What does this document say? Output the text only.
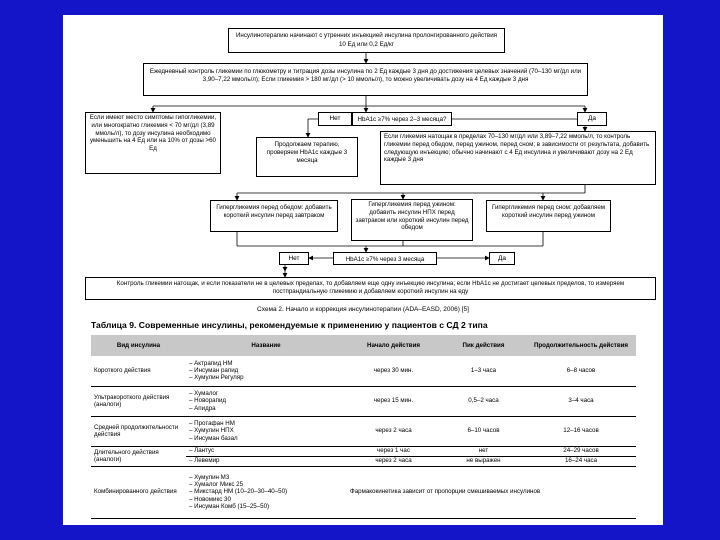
Инсулинотерапию начинают с утренних инъекцией инсулина пролонгированного действия 10 Ед или 0,2 Ед/кг
Ежедневный контроль гликемии по глюкометру и титрация дозы инсулина по 2 Ед каждые 3 дня до достижения целевых значений (70–130 мг/дл или 3,90–7,22 ммоль/л); Если гликемия > 180 мг/дл (> 10 ммоль/л), то можно увеличивать дозу на 4 Ед каждые 3 дня
Если имеют место симптомы гипогликемии, или многократно гликемия < 70 мг/дл (3,89 ммоль/л), то дозу инсулина необходимо уменьшить на 4 Ед или на 10% от дозы >60 Ед
Нет	HbA1c ≥7% через 2–3 месяца?	Да
Продолжаем терапию, проверяем HbA1c каждые 3 месяца
Если гликемия натощак в пределах 70–130 мг/дл или 3,89–7,22 ммоль/л, то контроль гликемии перед обедом, перед ужином, перед сном; в зависимости от результата, добавить следующую инъекцию; обычно начинают с 4 Ед инсулина и увеличивают дозу на 2 Ед каждые 3 дня
Гипергликемия перед обедом: добавить короткий инсулин перед завтраком
Гипергликемия перед ужином: добавить инсулин НПХ перед завтраком или короткий инсулин перед обедом
Гипергликемия перед сном: добавляем короткий инсулин перед ужином
Нет	HbA1c ≥7% через 3 месяца	Да
Контроль гликемии натощак, и если показатели не в целевых пределах, то добавляем еще одну инъекцию инсулина; если HbA1c не достигает целевых пределов, то измеряем постпрандиальную гликемию и добавляем короткий инсулин на еду
Схема 2. Начало и коррекция инсулинотерапии (ADA–EASD, 2006) [5]
Таблица 9. Современные инсулины, рекомендуемые к применению у пациентов с СД 2 типа
Вид инсулина	Название	Начало действия	Пик действия	Продолжительность действия
Короткого действия	– Актрапид НМ
– Инсуман рапид
– Хумулин Регуляр	через 30 мин.	1–3 часа	6–8 часов
Ультракороткого действия (аналоги)	– Хумалог
– Новорапид
– Апидра	через 15 мин.	0,5–2 часа	3–4 часа
Средней продолжительности действия	– Протафан НМ
– Хумулин НПХ
– Инсуман базал	через 2 часа	6–10 часов	12–16 часов
Длительного действия (аналоги)	– Лантус	через 1 час	нет	24–29 часов
	– Левемир	через 2 часа	не выражен	16–24 часа
Комбинированного действия	– Хумулин М3
– Хумалог Микс 25
– Микстард НМ (10–20–30–40–50)
– Новомикс 30
– Инсуман Комб (15–25–50)	Фармакокинетика зависит от пропорции смешиваемых инсулинов		
